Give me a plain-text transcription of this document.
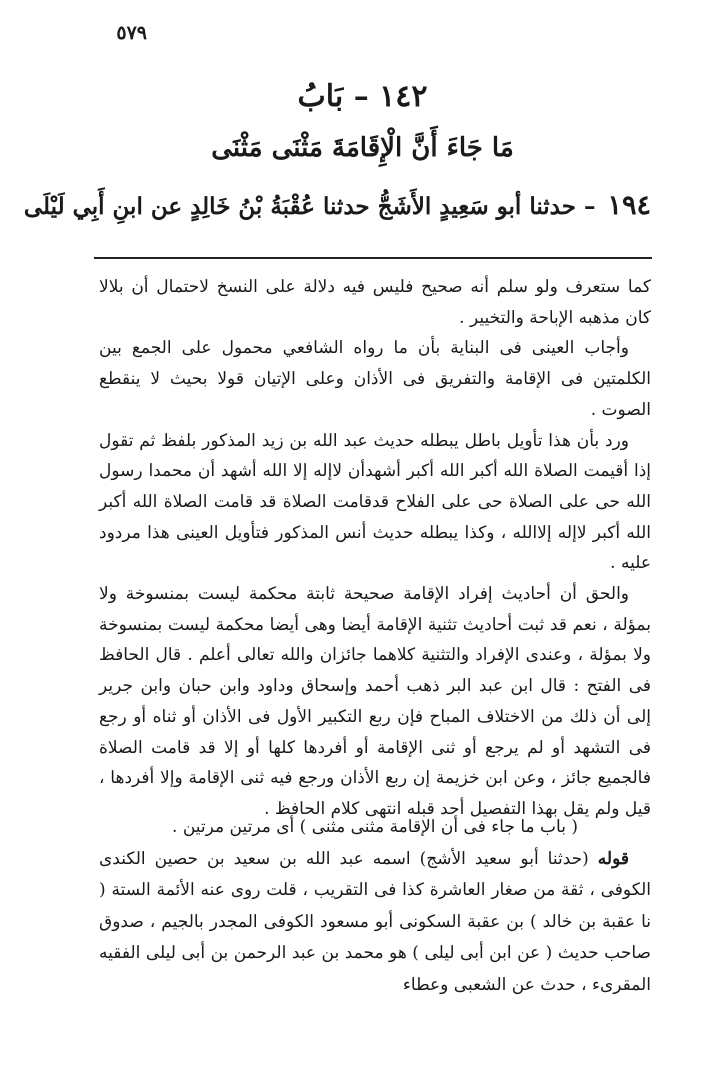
٥٧٩
١٤٢ – بَابُ
مَا جَاءَ أَنَّ الْإِقَامَةَ مَثْنَى مَثْنَى
١٩٤ – حدثنا أبو سَعِيدٍ الأَشَجُّ حدثنا عُقْبَةُ بْنُ خَالِدٍ عن ابنِ أَبِي لَيْلَى

كما ستعرف ولو سلم أنه صحيح فليس فيه دلالة على النسخ لاحتمال أن بلالا كان مذهبه الإباحة والتخيير .

وأجاب العينى فى البناية بأن ما رواه الشافعي محمول على الجمع بين الكلمتين فى الإقامة والتفريق فى الأذان وعلى الإتيان قولا بحيث لا ينقطع الصوت .

ورد بأن هذا تأويل باطل يبطله حديث عبد الله بن زيد المذكور بلفظ ثم تقول إذا أقيمت الصلاة الله أكبر الله أكبر أشهدأن لاإله إلا الله أشهد أن محمدا رسول الله حى على الصلاة حى على الفلاح قدقامت الصلاة قد قامت الصلاة الله أكبر الله أكبر لاإله إلاالله ، وكذا يبطله حديث أنس المذكور فتأويل العينى هذا مردود عليه .

والحق أن أحاديث إفراد الإقامة صحيحة ثابتة محكمة ليست بمنسوخة ولا بمؤلة ، نعم قد ثبت أحاديث تثنية الإقامة أيضا وهى أيضا محكمة ليست بمنسوخة ولا بمؤلة ، وعندى الإفراد والتثنية كلاهما جائزان والله تعالى أعلم . قال الحافظ فى الفتح : قال ابن عبد البر ذهب أحمد وإسحاق وداود وابن حبان وابن جرير إلى أن ذلك من الاختلاف المباح فإن ربع التكبير الأول فى الأذان أو ثناه أو رجع فى التشهد أو لم يرجع أو ثنى الإقامة أو أفردها كلها أو إلا قد قامت الصلاة فالجميع جائز ، وعن ابن خزيمة إن ربع الأذان ورجع فيه ثنى الإقامة وإلا أفردها ، قيل ولم يقل بهذا التفصيل أحد قبله انتهى كلام الحافظ .

( باب ما جاء فى أن الإقامة مثنى مثنى ) أى مرتين مرتين .

قوله (حدثنا أبو سعيد الأشج) اسمه عبد الله بن سعيد بن حصين الكندى الكوفى ، ثقة من صغار العاشرة كذا فى التقريب ، قلت روى عنه الأئمة الستة ( نا عقبة بن خالد ) بن عقبة السكونى أبو مسعود الكوفى المجدر بالجيم ، صدوق صاحب حديث ( عن ابن أبى ليلى ) هو محمد بن عبد الرحمن بن أبى ليلى الفقيه المقرىء ، حدث عن الشعبى وعطاء
